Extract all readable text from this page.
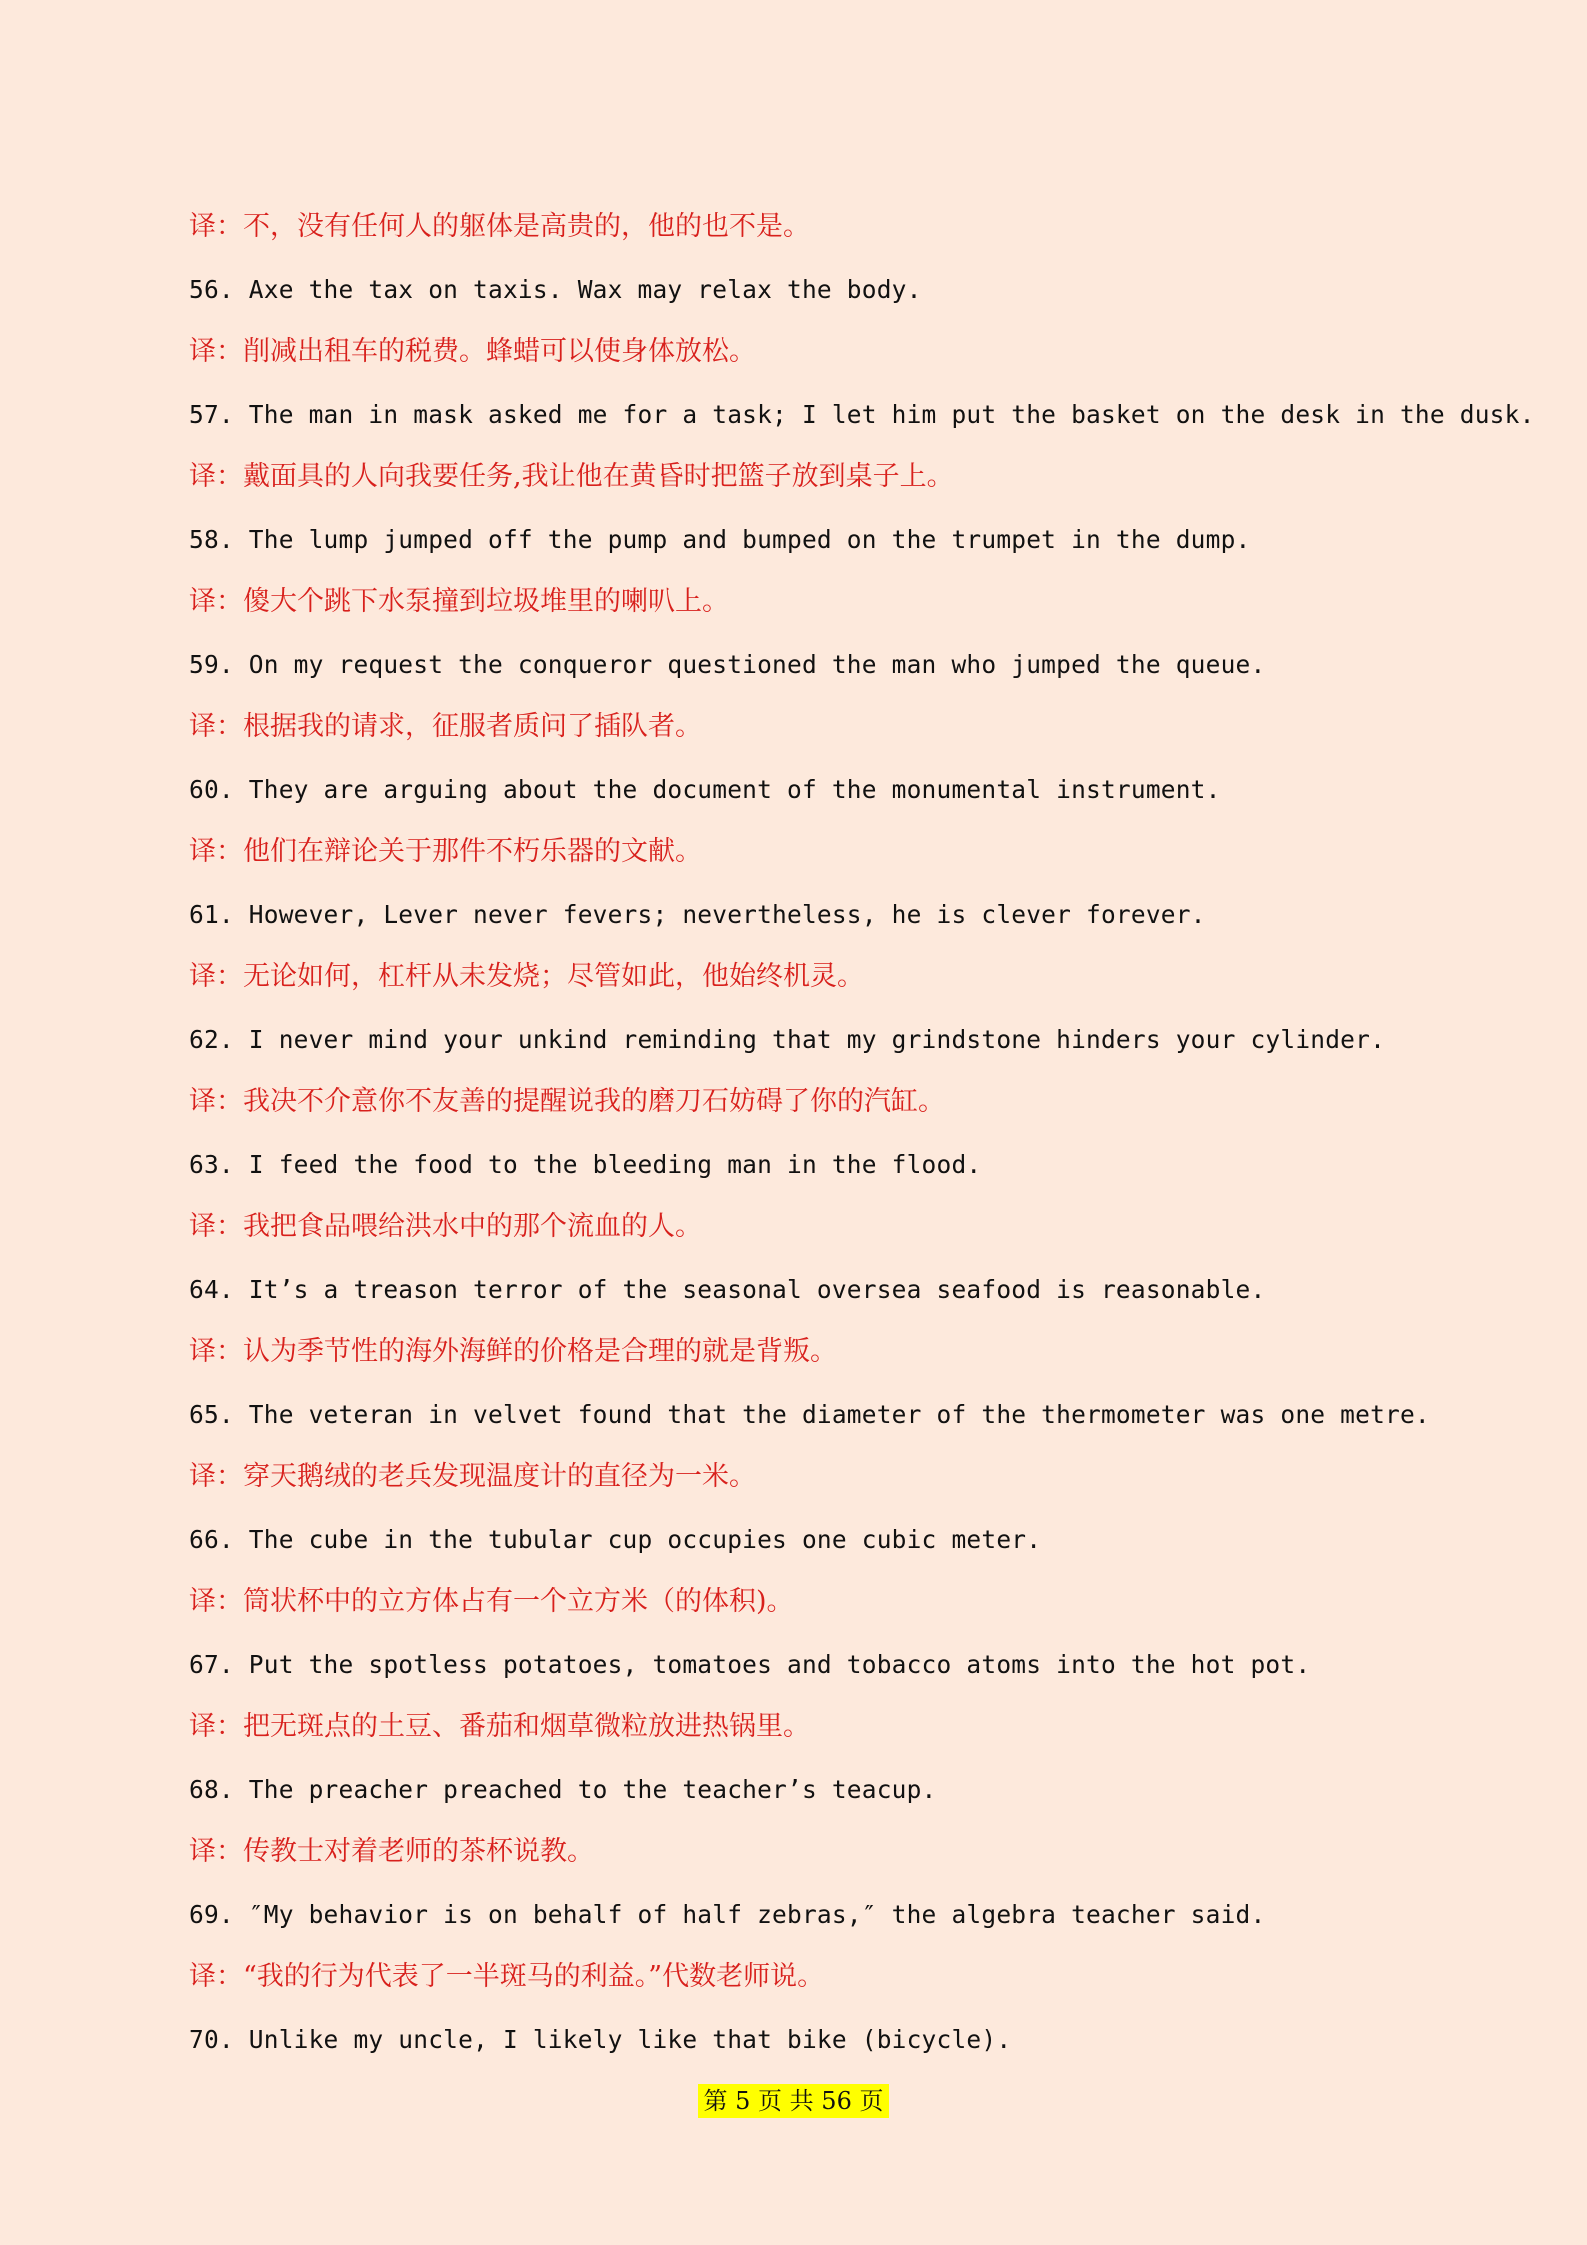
译：不，没有任何人的躯体是高贵的，他的也不是。
56. Axe the tax on taxis. Wax may relax the body.
译：削减出租车的税费。蜂蜡可以使身体放松。
57. The man in mask asked me for a task; I let him put the basket on the desk in the dusk.
译：戴面具的人向我要任务,我让他在黄昏时把篮子放到桌子上。
58. The lump jumped off the pump and bumped on the trumpet in the dump.
译：傻大个跳下水泵撞到垃圾堆里的喇叭上。
59. On my request the conqueror questioned the man who jumped the queue.
译：根据我的请求，征服者质问了插队者。
60. They are arguing about the document of the monumental instrument.
译：他们在辩论关于那件不朽乐器的文献。
61. However, Lever never fevers; nevertheless, he is clever forever.
译：无论如何，杠杆从未发烧；尽管如此，他始终机灵。
62. I never mind your unkind reminding that my grindstone hinders your cylinder.
译：我决不介意你不友善的提醒说我的磨刀石妨碍了你的汽缸。
63. I feed the food to the bleeding man in the flood.
译：我把食品喂给洪水中的那个流血的人。
64. It’s a treason terror of the seasonal oversea seafood is reasonable.
译：认为季节性的海外海鲜的价格是合理的就是背叛。
65. The veteran in velvet found that the diameter of the thermometer was one metre.
译：穿天鹅绒的老兵发现温度计的直径为一米。
66. The cube in the tubular cup occupies one cubic meter.
译：筒状杯中的立方体占有一个立方米（的体积)。
67. Put the spotless potatoes, tomatoes and tobacco atoms into the hot pot.
译：把无斑点的土豆、番茄和烟草微粒放进热锅里。
68. The preacher preached to the teacher’s teacup.
译：传教士对着老师的茶杯说教。
69. ″My behavior is on behalf of half zebras,″ the algebra teacher said.
译：“我的行为代表了一半斑马的利益。”代数老师说。
70. Unlike my uncle, I likely like that bike (bicycle).
第 5 页 共 56 页
